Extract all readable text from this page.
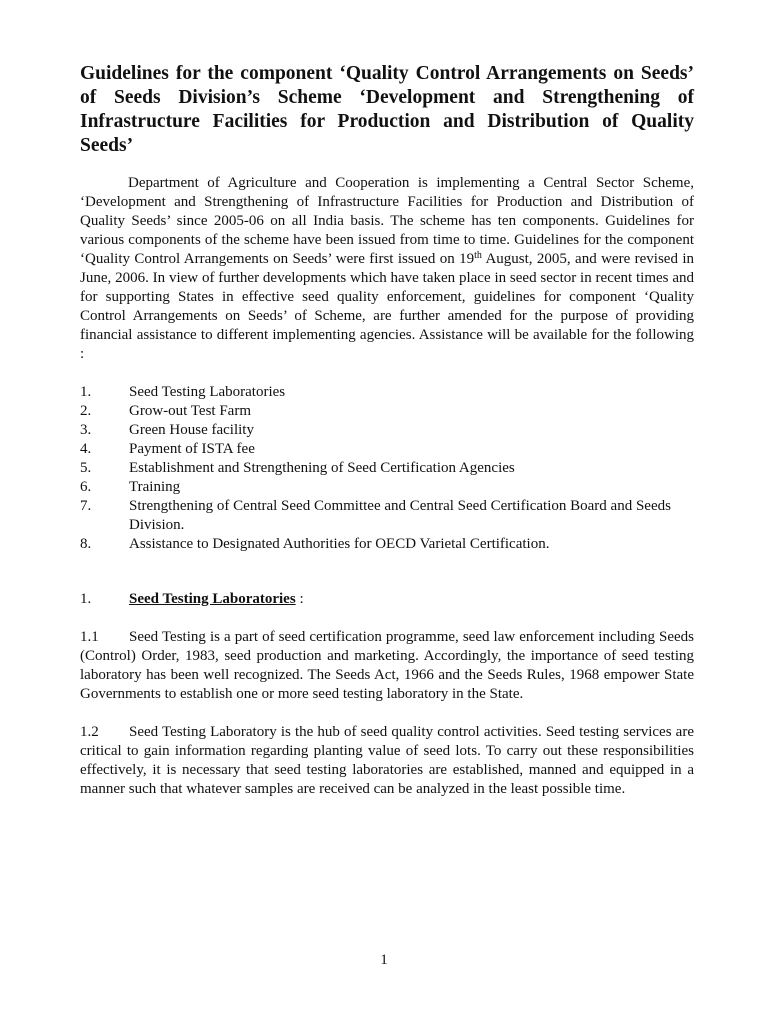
Guidelines for the component ‘Quality Control Arrangements on Seeds’ of Seeds Division’s Scheme ‘Development and Strengthening of Infrastructure Facilities for Production and Distribution of Quality Seeds’

Department of Agriculture and Cooperation is implementing a Central Sector Scheme, ‘Development and Strengthening of Infrastructure Facilities for Production and Distribution of Quality Seeds’ since 2005-06 on all India basis. The scheme has ten components. Guidelines for various components of the scheme have been issued from time to time. Guidelines for the component ‘Quality Control Arrangements on Seeds’ were first issued on 19th August, 2005, and were revised in June, 2006. In view of further developments which have taken place in seed sector in recent times and for supporting States in effective seed quality enforcement, guidelines for component ‘Quality Control Arrangements on Seeds’ of Scheme, are further amended for the purpose of providing financial assistance to different implementing agencies. Assistance will be available for the following :

1.	Seed Testing Laboratories
2.	Grow-out Test Farm
3.	Green House facility
4.	Payment of ISTA fee
5.	Establishment and Strengthening of Seed Certification Agencies
6.	Training
7.	Strengthening of Central Seed Committee and Central Seed Certification Board and Seeds Division.
8.	Assistance to Designated Authorities for OECD Varietal Certification.
1.	Seed Testing Laboratories :

1.1 Seed Testing is a part of seed certification programme, seed law enforcement including Seeds (Control) Order, 1983, seed production and marketing. Accordingly, the importance of seed testing laboratory has been well recognized. The Seeds Act, 1966 and the Seeds Rules, 1968 empower State Governments to establish one or more seed testing laboratory in the State.

1.2 Seed Testing Laboratory is the hub of seed quality control activities. Seed testing services are critical to gain information regarding planting value of seed lots. To carry out these responsibilities effectively, it is necessary that seed testing laboratories are established, manned and equipped in a manner such that whatever samples are received can be analyzed in the least possible time.

1
